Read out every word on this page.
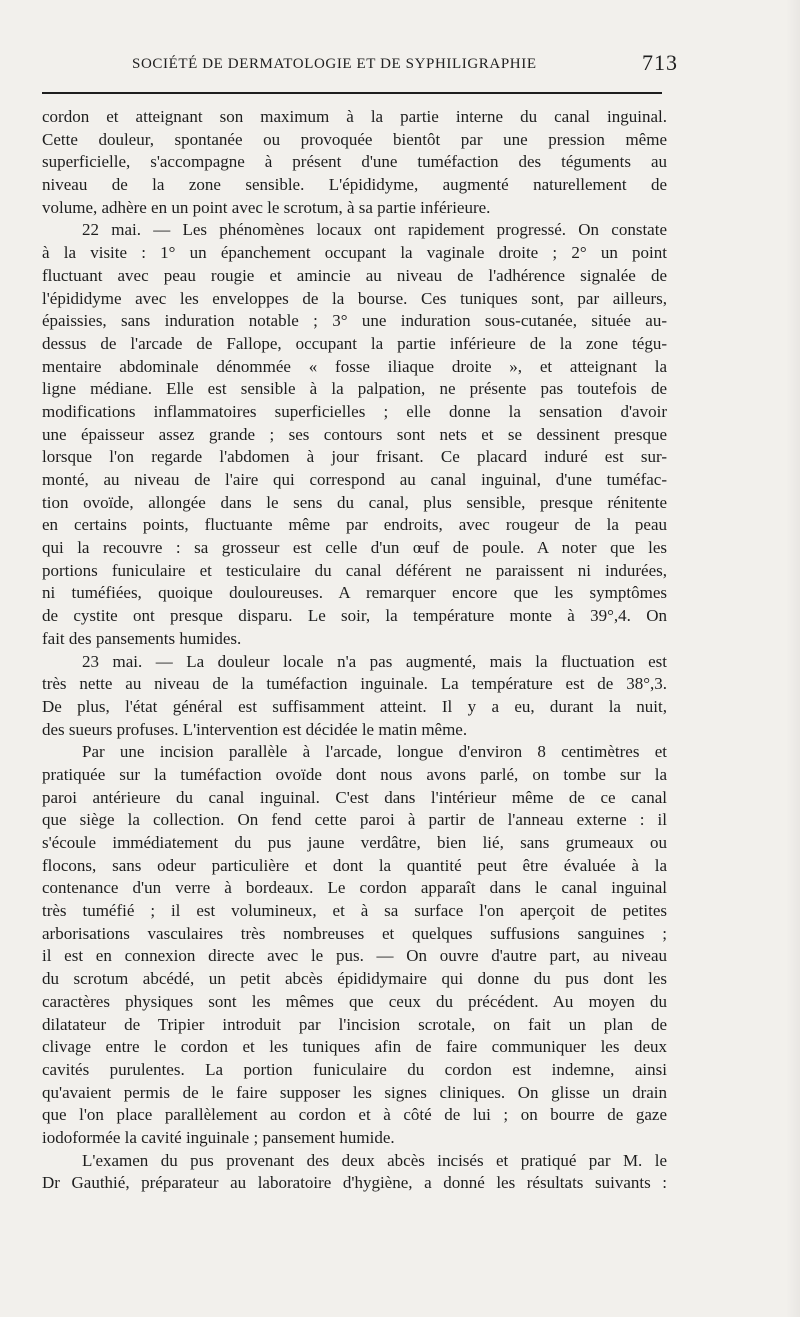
SOCIÉTÉ DE DERMATOLOGIE ET DE SYPHILIGRAPHIE	713
cordon et atteignant son maximum à la partie interne du canal inguinal.
Cette douleur, spontanée ou provoquée bientôt par une pression même
superficielle, s'accompagne à présent d'une tuméfaction des téguments au
niveau de la zone sensible. L'épididyme, augmenté naturellement de
volume, adhère en un point avec le scrotum, à sa partie inférieure.
22 mai. — Les phénomènes locaux ont rapidement progressé. On constate
à la visite : 1° un épanchement occupant la vaginale droite ; 2° un point
fluctuant avec peau rougie et amincie au niveau de l'adhérence signalée de
l'épididyme avec les enveloppes de la bourse. Ces tuniques sont, par ailleurs,
épaissies, sans induration notable ; 3° une induration sous-cutanée, située au-
dessus de l'arcade de Fallope, occupant la partie inférieure de la zone tégu-
mentaire abdominale dénommée « fosse iliaque droite », et atteignant la
ligne médiane. Elle est sensible à la palpation, ne présente pas toutefois de
modifications inflammatoires superficielles ; elle donne la sensation d'avoir
une épaisseur assez grande ; ses contours sont nets et se dessinent presque
lorsque l'on regarde l'abdomen à jour frisant. Ce placard induré est sur-
monté, au niveau de l'aire qui correspond au canal inguinal, d'une tuméfac-
tion ovoïde, allongée dans le sens du canal, plus sensible, presque rénitente
en certains points, fluctuante même par endroits, avec rougeur de la peau
qui la recouvre : sa grosseur est celle d'un œuf de poule. A noter que les
portions funiculaire et testiculaire du canal déférent ne paraissent ni indurées,
ni tuméfiées, quoique douloureuses. A remarquer encore que les symptômes
de cystite ont presque disparu. Le soir, la température monte à 39°,4. On
fait des pansements humides.
23 mai. — La douleur locale n'a pas augmenté, mais la fluctuation est
très nette au niveau de la tuméfaction inguinale. La température est de 38°,3.
De plus, l'état général est suffisamment atteint. Il y a eu, durant la nuit,
des sueurs profuses. L'intervention est décidée le matin même.
Par une incision parallèle à l'arcade, longue d'environ 8 centimètres et
pratiquée sur la tuméfaction ovoïde dont nous avons parlé, on tombe sur la
paroi antérieure du canal inguinal. C'est dans l'intérieur même de ce canal
que siège la collection. On fend cette paroi à partir de l'anneau externe : il
s'écoule immédiatement du pus jaune verdâtre, bien lié, sans grumeaux ou
flocons, sans odeur particulière et dont la quantité peut être évaluée à la
contenance d'un verre à bordeaux. Le cordon apparaît dans le canal inguinal
très tuméfié ; il est volumineux, et à sa surface l'on aperçoit de petites
arborisations vasculaires très nombreuses et quelques suffusions sanguines ;
il est en connexion directe avec le pus. — On ouvre d'autre part, au niveau
du scrotum abcédé, un petit abcès épididymaire qui donne du pus dont les
caractères physiques sont les mêmes que ceux du précédent. Au moyen du
dilatateur de Tripier introduit par l'incision scrotale, on fait un plan de
clivage entre le cordon et les tuniques afin de faire communiquer les deux
cavités purulentes. La portion funiculaire du cordon est indemne, ainsi
qu'avaient permis de le faire supposer les signes cliniques. On glisse un drain
que l'on place parallèlement au cordon et à côté de lui ; on bourre de gaze
iodoformée la cavité inguinale ; pansement humide.
L'examen du pus provenant des deux abcès incisés et pratiqué par M. le
Dr Gauthié, préparateur au laboratoire d'hygiène, a donné les résultats suivants :
